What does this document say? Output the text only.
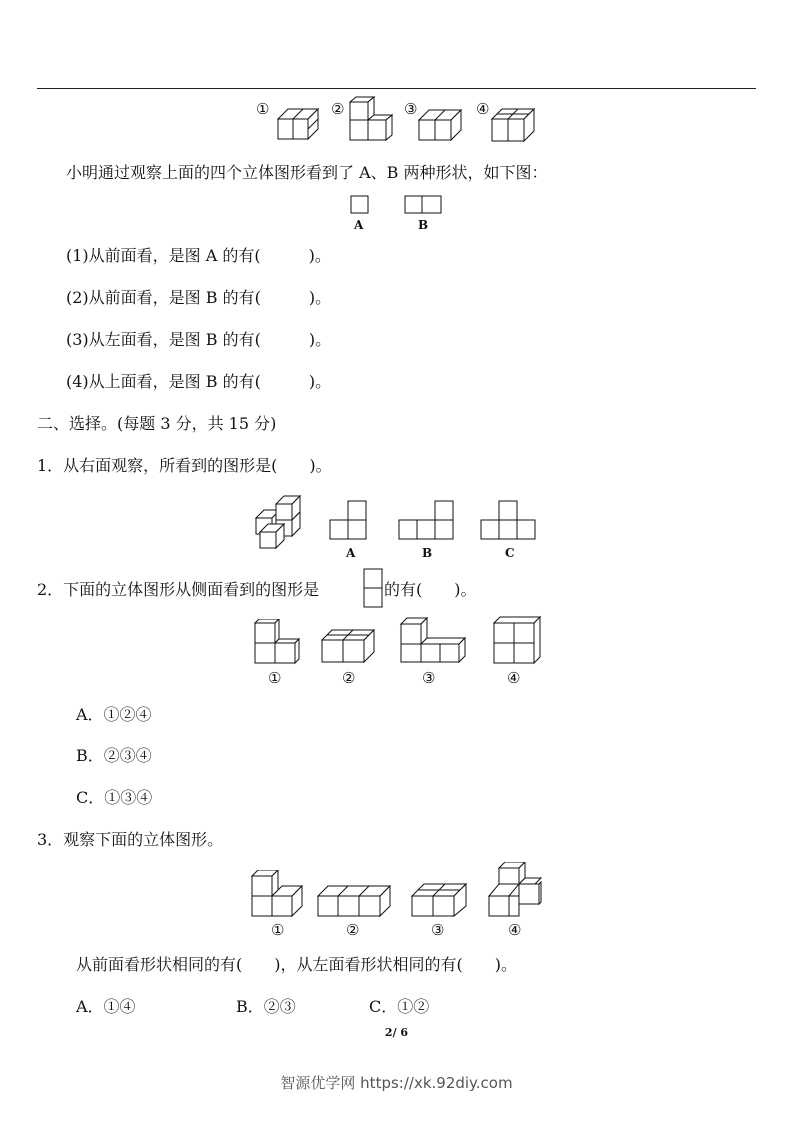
①	②	③	④
小明通过观察上面的四个立体图形看到了 A、B 两种形状，如下图：
A	B
(1)从前面看，是图 A 的有(　　　)。
(2)从前面看，是图 B 的有(　　　)。
(3)从左面看，是图 B 的有(　　　)。
(4)从上面看，是图 B 的有(　　　)。
二、选择。(每题 3 分，共 15 分)
1．从右面观察，所看到的图形是(　　)。
A	B	C
2．下面的立体图形从侧面看到的图形是	的有(　　)。
①	②	③	④
A．①②④
B．②③④
C．①③④
3．观察下面的立体图形。
①	②	③	④
从前面看形状相同的有(　　)，从左面看形状相同的有(　　)。
A．①④	B．②③	C．①②
2/ 6
智源优学网 https://xk.92diy.com
